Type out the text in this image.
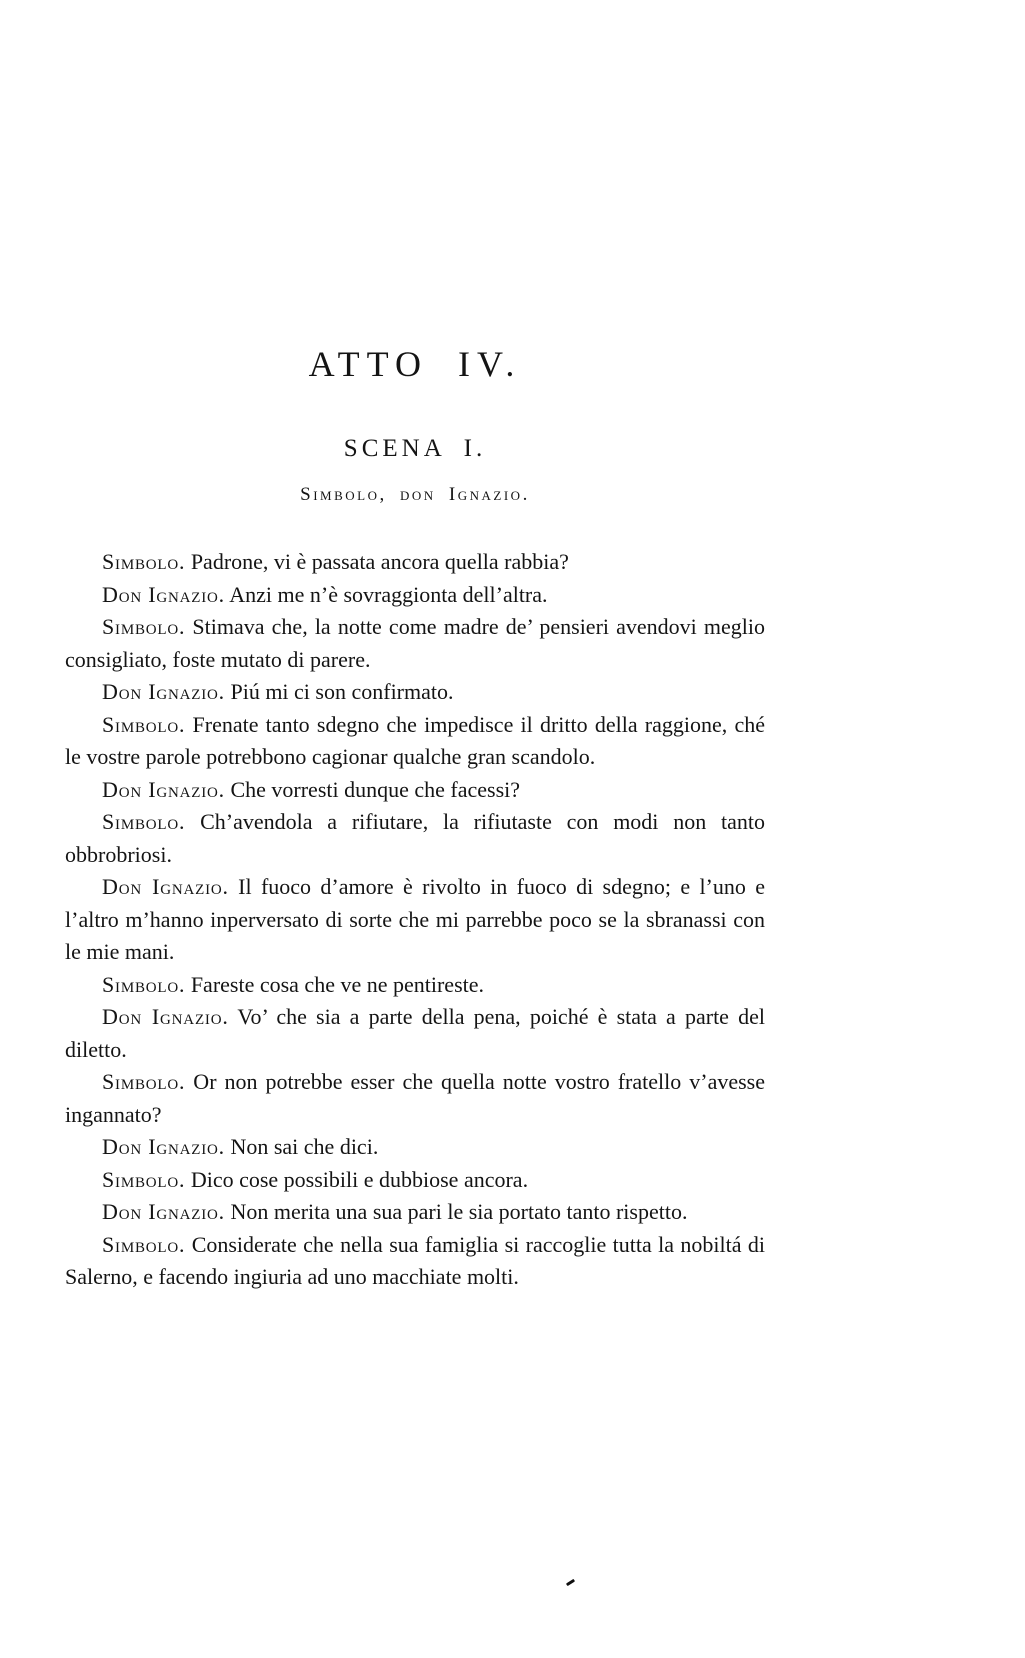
ATTO IV.
SCENA I.
Simbolo, don Ignazio.

Simbolo. Padrone, vi è passata ancora quella rabbia?

Don Ignazio. Anzi me n’è sovraggionta dell’altra.

Simbolo. Stimava che, la notte come madre de’ pensieri avendovi meglio consigliato, foste mutato di parere.

Don Ignazio. Piú mi ci son confirmato.

Simbolo. Frenate tanto sdegno che impedisce il dritto della raggione, ché le vostre parole potrebbono cagionar qualche gran scandolo.

Don Ignazio. Che vorresti dunque che facessi?

Simbolo. Ch’avendola a rifiutare, la rifiutaste con modi non tanto obbrobriosi.

Don Ignazio. Il fuoco d’amore è rivolto in fuoco di sdegno; e l’uno e l’altro m’hanno inperversato di sorte che mi parrebbe poco se la sbranassi con le mie mani.

Simbolo. Fareste cosa che ve ne pentireste.

Don Ignazio. Vo’ che sia a parte della pena, poiché è stata a parte del diletto.

Simbolo. Or non potrebbe esser che quella notte vostro fratello v’avesse ingannato?

Don Ignazio. Non sai che dici.

Simbolo. Dico cose possibili e dubbiose ancora.

Don Ignazio. Non merita una sua pari le sia portato tanto rispetto.

Simbolo. Considerate che nella sua famiglia si raccoglie tutta la nobiltá di Salerno, e facendo ingiuria ad uno macchiate molti.
